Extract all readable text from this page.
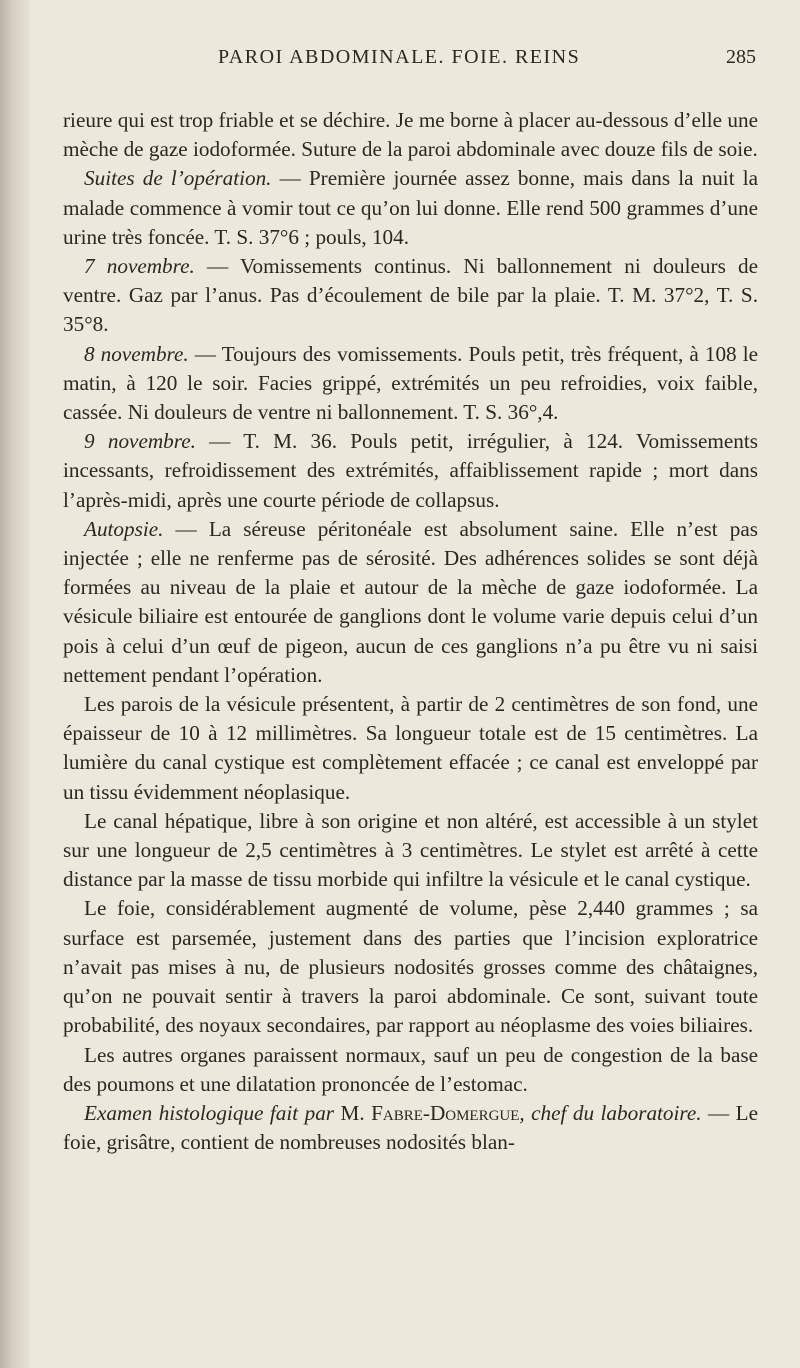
PAROI ABDOMINALE. FOIE. REINS	285

rieure qui est trop friable et se déchire. Je me borne à placer au-dessous d’elle une mèche de gaze iodoformée. Suture de la paroi abdominale avec douze fils de soie.

Suites de l’opération. — Première journée assez bonne, mais dans la nuit la malade commence à vomir tout ce qu’on lui donne. Elle rend 500 grammes d’une urine très foncée. T. S. 37°6 ; pouls, 104.

7 novembre. — Vomissements continus. Ni ballonnement ni douleurs de ventre. Gaz par l’anus. Pas d’écoulement de bile par la plaie. T. M. 37°2, T. S. 35°8.

8 novembre. — Toujours des vomissements. Pouls petit, très fréquent, à 108 le matin, à 120 le soir. Facies grippé, extrémités un peu refroidies, voix faible, cassée. Ni douleurs de ventre ni ballonnement. T. S. 36°,4.

9 novembre. — T. M. 36. Pouls petit, irrégulier, à 124. Vomissements incessants, refroidissement des extrémités, affaiblissement rapide ; mort dans l’après-midi, après une courte période de collapsus.

Autopsie. — La séreuse péritonéale est absolument saine. Elle n’est pas injectée ; elle ne renferme pas de sérosité. Des adhérences solides se sont déjà formées au niveau de la plaie et autour de la mèche de gaze iodoformée. La vésicule biliaire est entourée de ganglions dont le volume varie depuis celui d’un pois à celui d’un œuf de pigeon, aucun de ces ganglions n’a pu être vu ni saisi nettement pendant l’opération.

Les parois de la vésicule présentent, à partir de 2 centimètres de son fond, une épaisseur de 10 à 12 millimètres. Sa longueur totale est de 15 centimètres. La lumière du canal cystique est complètement effacée ; ce canal est enveloppé par un tissu évidemment néoplasique.

Le canal hépatique, libre à son origine et non altéré, est accessible à un stylet sur une longueur de 2,5 centimètres à 3 centimètres. Le stylet est arrêté à cette distance par la masse de tissu morbide qui infiltre la vésicule et le canal cystique.

Le foie, considérablement augmenté de volume, pèse 2,440 grammes ; sa surface est parsemée, justement dans des parties que l’incision exploratrice n’avait pas mises à nu, de plusieurs nodosités grosses comme des châtaignes, qu’on ne pouvait sentir à travers la paroi abdominale. Ce sont, suivant toute probabilité, des noyaux secondaires, par rapport au néoplasme des voies biliaires.

Les autres organes paraissent normaux, sauf un peu de congestion de la base des poumons et une dilatation prononcée de l’estomac.

Examen histologique fait par M. Fabre-Domergue, chef du laboratoire. — Le foie, grisâtre, contient de nombreuses nodosités blan-
